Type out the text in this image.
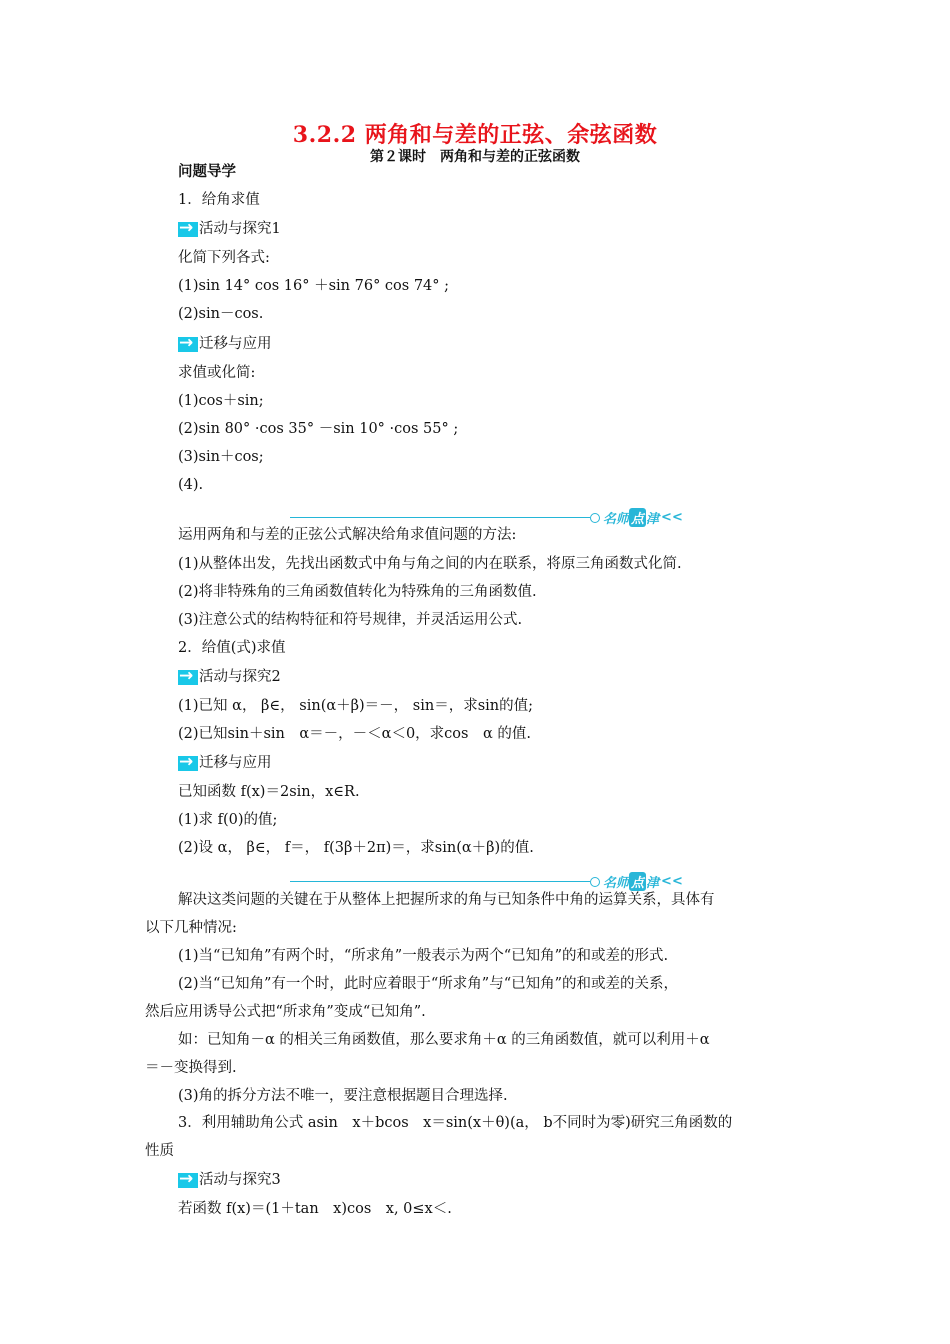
3.2.2 两角和与差的正弦、余弦函数
第２课时　两角和与差的正弦函数
问题导学
1．给角求值
→
活动与探究1
化简下列各式:
(1)sin 14° cos 16° ＋sin 76° cos 74° ;
(2)sin－cos.
→
迁移与应用
求值或化简:
(1)cos＋sin;
(2)sin 80° ·cos 35° －sin 10° ·cos 55° ;
(3)sin＋cos;
(4).
名师 点 津 <<
运用两角和与差的正弦公式解决给角求值问题的方法:
(1)从整体出发，先找出函数式中角与角之间的内在联系，将原三角函数式化简.
(2)将非特殊角的三角函数值转化为特殊角的三角函数值.
(3)注意公式的结构特征和符号规律，并灵活运用公式.
2．给值(式)求值
→
活动与探究2
(1)已知 α， β∈， sin(α＋β)＝－， sin＝，求sin的值;
(2)已知sin＋sin　α＝－，－＜α＜0，求cos　α 的值.
→
迁移与应用
已知函数 f(x)＝2sin，x∈R.
(1)求 f(0)的值;
(2)设 α， β∈， f＝， f(3β＋2π)＝，求sin(α＋β)的值.
名师 点 津 <<
解决这类问题的关键在于从整体上把握所求的角与已知条件中角的运算关系，具体有
以下几种情况:
(1)当“已知角”有两个时，“所求角”一般表示为两个“已知角”的和或差的形式.
(2)当“已知角”有一个时，此时应着眼于“所求角”与“已知角”的和或差的关系，
然后应用诱导公式把“所求角”变成“已知角”.
如：已知角－α 的相关三角函数值，那么要求角＋α 的三角函数值，就可以利用＋α
＝－变换得到.
(3)角的拆分方法不唯一，要注意根据题目合理选择.
3．利用辅助角公式 asin　x＋bcos　x＝sin(x＋θ)(a， b不同时为零)研究三角函数的
性质
→
活动与探究3
若函数 f(x)＝(1＋tan　x)cos　x, 0≤x＜.
